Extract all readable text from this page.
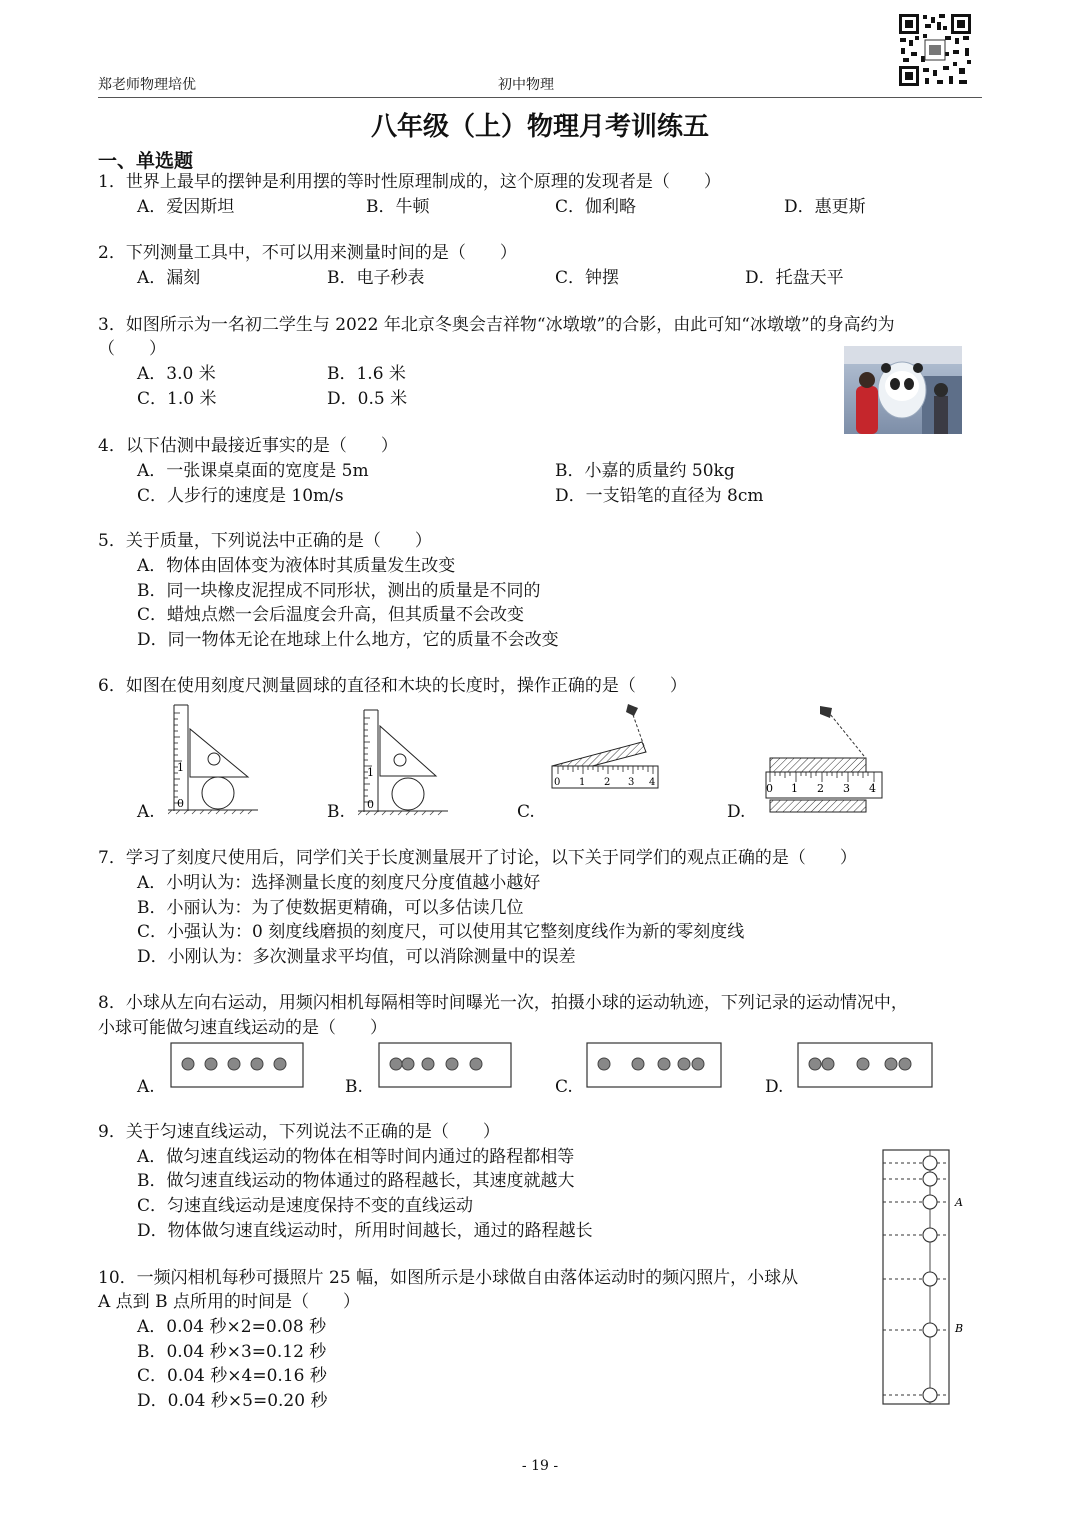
郑老师物理培优	初中物理
八年级（上）物理月考训练五
一、单选题
1．世界上最早的摆钟是利用摆的等时性原理制成的，这个原理的发现者是（　　）
A．爱因斯坦	B．牛顿	C．伽利略	D．惠更斯
2．下列测量工具中，不可以用来测量时间的是（　　）
A．漏刻	B．电子秒表	C．钟摆	D．托盘天平
3．如图所示为一名初二学生与 2022 年北京冬奥会吉祥物“冰墩墩”的合影，由此可知“冰墩墩”的身高约为
（　　）
A．3.0 米	B．1.6 米
C．1.0 米	D．0.5 米
4．以下估测中最接近事实的是（　　）
A．一张课桌桌面的宽度是 5m	B．小嘉的质量约 50kg
C．人步行的速度是 10m/s	D．一支铅笔的直径为 8cm
5．关于质量，下列说法中正确的是（　　）
A．物体由固体变为液体时其质量发生改变
B．同一块橡皮泥捏成不同形状，测出的质量是不同的
C．蜡烛点燃一会后温度会升高，但其质量不会改变
D．同一物体无论在地球上什么地方，它的质量不会改变
6．如图在使用刻度尺测量圆球的直径和木块的长度时，操作正确的是（　　）
1
0
A.
1
0
B.
0 1 2 3 4
C.
0 1 2 3 4
D.
7．学习了刻度尺使用后，同学们关于长度测量展开了讨论，以下关于同学们的观点正确的是（　　）
A．小明认为：选择测量长度的刻度尺分度值越小越好
B．小丽认为：为了使数据更精确，可以多估读几位
C．小强认为：0 刻度线磨损的刻度尺，可以使用其它整刻度线作为新的零刻度线
D．小刚认为：多次测量求平均值，可以消除测量中的误差
8．小球从左向右运动，用频闪相机每隔相等时间曝光一次，拍摄小球的运动轨迹，下列记录的运动情况中，
小球可能做匀速直线运动的是（　　）
A.	B.	C.	D.
9．关于匀速直线运动，下列说法不正确的是（　　）
A．做匀速直线运动的物体在相等时间内通过的路程都相等
B．做匀速直线运动的物体通过的路程越长，其速度就越大
C．匀速直线运动是速度保持不变的直线运动
D．物体做匀速直线运动时，所用时间越长，通过的路程越长
A
B
10．一频闪相机每秒可摄照片 25 幅，如图所示是小球做自由落体运动时的频闪照片，小球从
A 点到 B 点所用的时间是（　　）
A．0.04 秒×2=0.08 秒
B．0.04 秒×3=0.12 秒
C．0.04 秒×4=0.16 秒
D．0.04 秒×5=0.20 秒
- 19 -
